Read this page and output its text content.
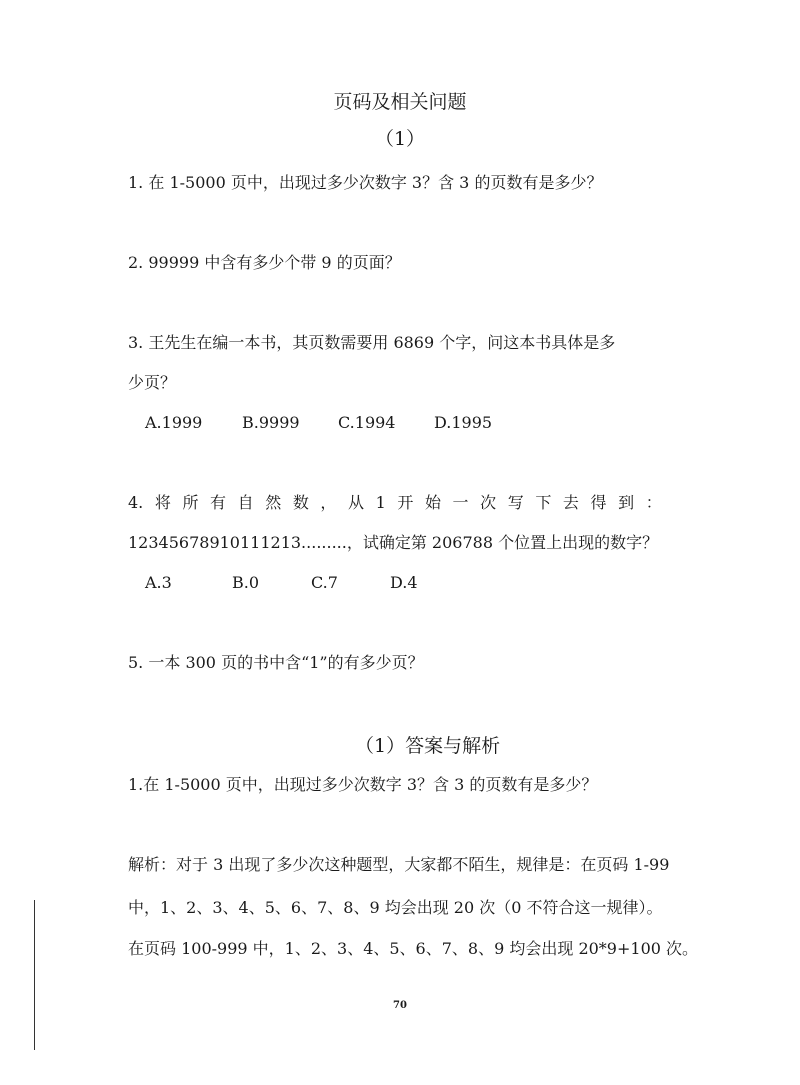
页码及相关问题
（1）
1. 在 1-5000 页中，出现过多少次数字 3？含 3 的页数有是多少？
2. 99999 中含有多少个带 9 的页面？
3. 王先生在编一本书，其页数需要用 6869 个字，问这本书具体是多
少页？
A.1999 B.9999 C.1994 D.1995
4. 将 所 有 自 然 数 ， 从 1 开 始 一 次 写 下 去 得 到 ：
12345678910111213.........，试确定第 206788 个位置上出现的数字？
A.3	B.0	C.7	D.4
5. 一本 300 页的书中含“1”的有多少页？
（1）答案与解析
1.在 1-5000 页中，出现过多少次数字 3？含 3 的页数有是多少？
解析：对于 3 出现了多少次这种题型，大家都不陌生，规律是：在页码 1-99
中，1、2、3、4、5、6、7、8、9 均会出现 20 次（0 不符合这一规律）。
在页码 100-999 中，1、2、3、4、5、6、7、8、9 均会出现 20*9+100 次。
70
